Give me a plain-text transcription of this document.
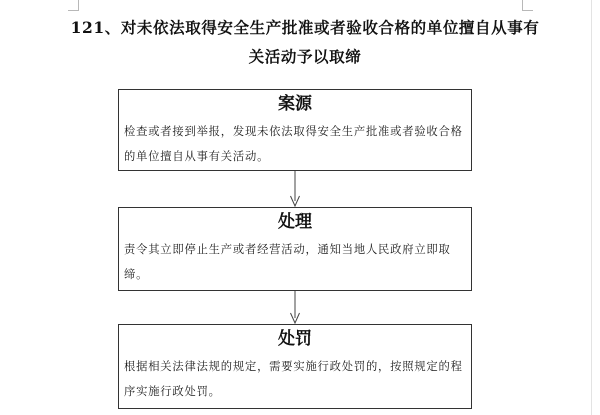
121、对未依法取得安全生产批准或者验收合格的单位擅自从事有
关活动予以取缔
案源
检查或者接到举报，发现未依法取得安全生产批准或者验收合格的单位擅自从事有关活动。
处理
责令其立即停止生产或者经营活动，通知当地人民政府立即取缔。
处罚
根据相关法律法规的规定，需要实施行政处罚的，按照规定的程序实施行政处罚。
